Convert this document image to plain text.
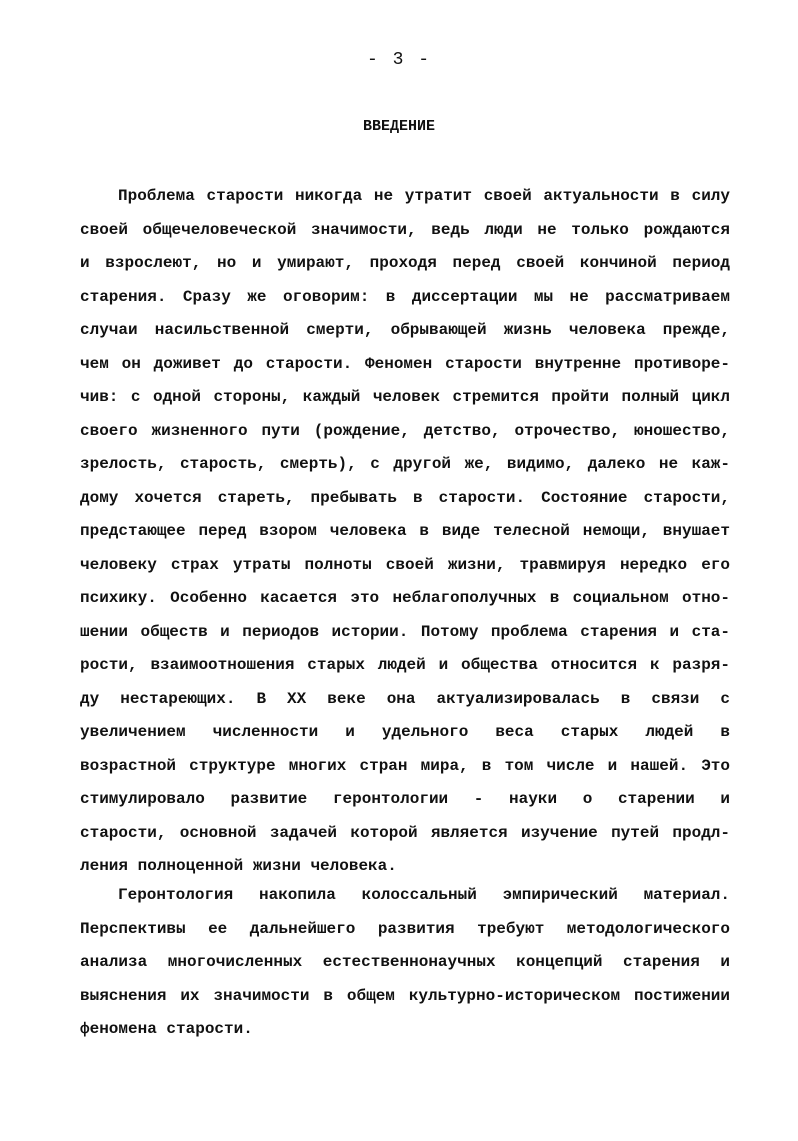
- 3 -
ВВЕДЕНИЕ
Проблема старости никогда не утратит своей актуальности в силу
своей общечеловеческой значимости, ведь люди не только рождаются
и взрослеют, но и умирают, проходя перед своей кончиной период
старения. Сразу же оговорим: в диссертации мы не рассматриваем
случаи насильственной смерти, обрывающей жизнь человека прежде,
чем он доживет до старости. Феномен старости внутренне противоре-
чив: с одной стороны, каждый человек стремится пройти полный цикл
своего жизненного пути (рождение, детство, отрочество, юношество,
зрелость, старость, смерть), с другой же, видимо, далеко не каж-
дому хочется стареть, пребывать в старости. Состояние старости,
предстающее перед взором человека в виде телесной немощи, внушает
человеку страх утраты полноты своей жизни, травмируя нередко его
психику. Особенно касается это неблагополучных в социальном отно-
шении обществ и периодов истории. Потому проблема старения и ста-
рости, взаимоотношения старых людей и общества относится к разря-
ду нестареющих. В XX веке она актуализировалась в связи с
увеличением численности и удельного веса старых людей в
возрастной структуре многих стран мира, в том числе и нашей. Это
стимулировало развитие геронтологии - науки о старении и
старости, основной задачей которой является изучение путей продл-
ления полноценной жизни человека.
Геронтология накопила колоссальный эмпирический материал.
Перспективы ее дальнейшего развития требуют методологического
анализа многочисленных естественнонаучных концепций старения и
выяснения их значимости в общем культурно-историческом постижении
феномена старости.
